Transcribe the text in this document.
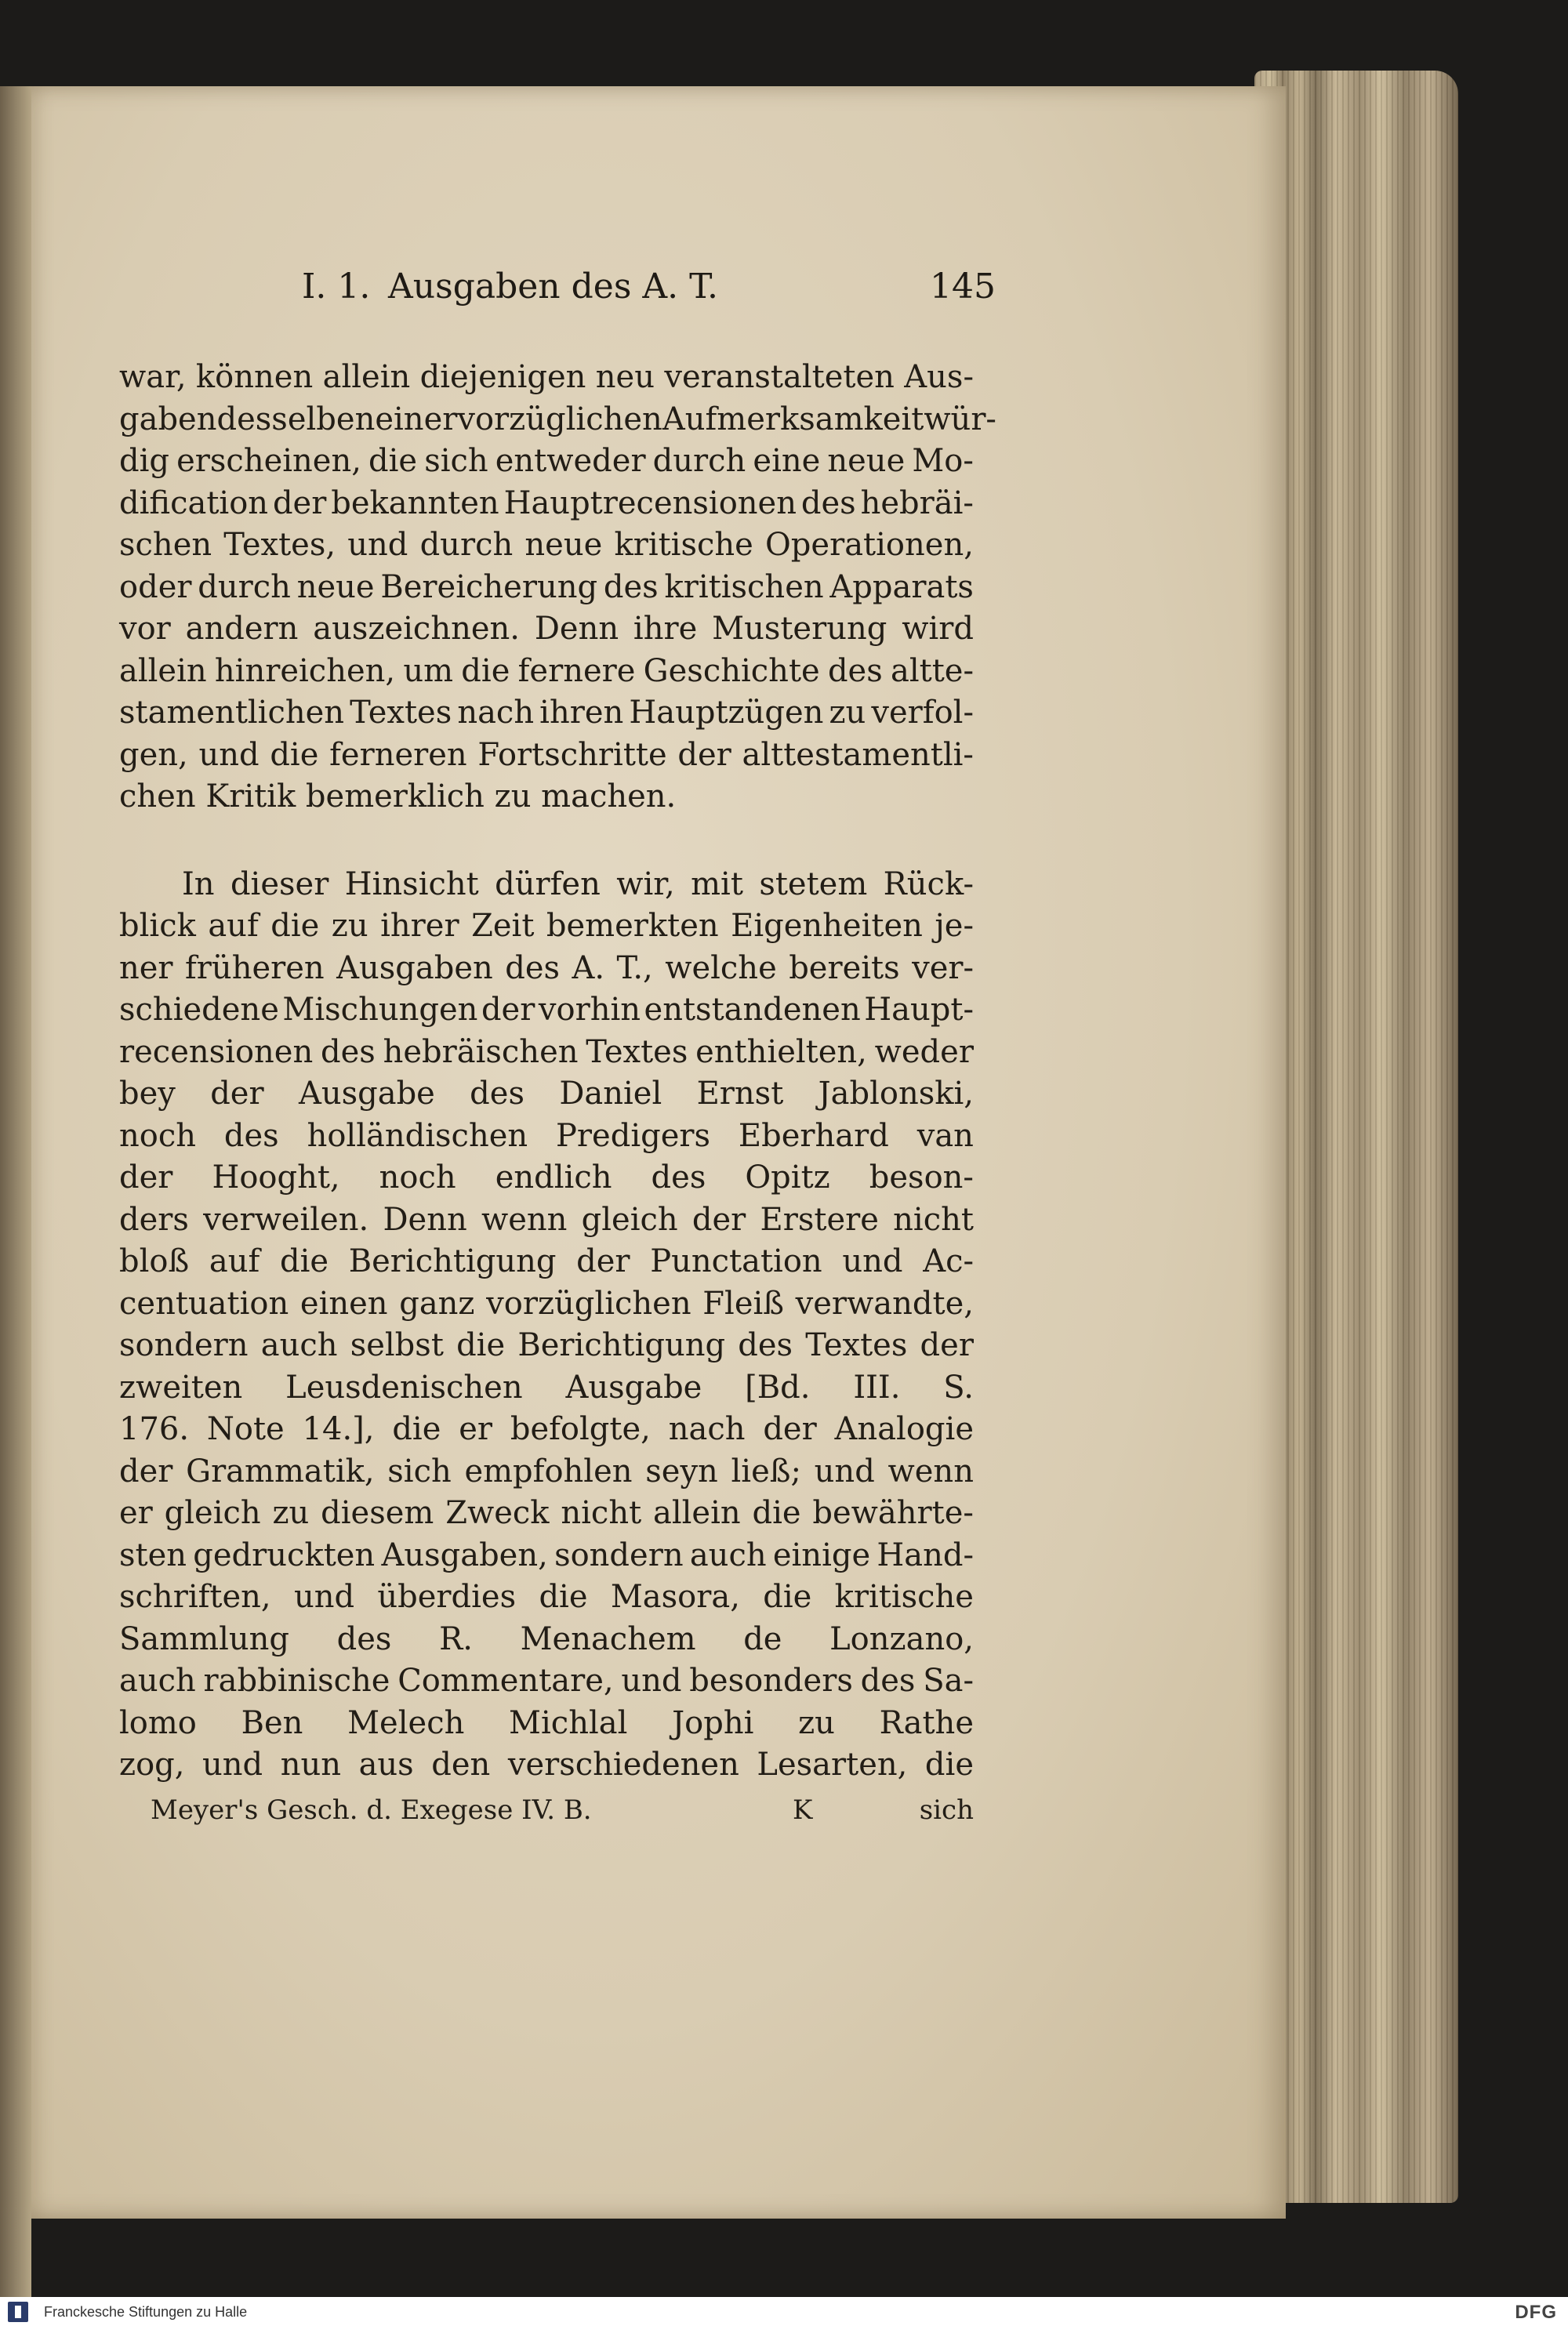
I. 1. Ausgaben des A. T.	145
war, können allein diejenigen neu veranstalteten Aus-
gaben desselben einer vorzüglichen Aufmerksamkeit wür-
dig erscheinen, die sich entweder durch eine neue Mo-
dification der bekannten Hauptrecensionen des hebräi-
schen Textes, und durch neue kritische Operationen,
oder durch neue Bereicherung des kritischen Apparats
vor andern auszeichnen. Denn ihre Musterung wird
allein hinreichen, um die fernere Geschichte des altte-
stamentlichen Textes nach ihren Hauptzügen zu verfol-
gen, und die ferneren Fortschritte der alttestamentli-
chen Kritik bemerklich zu machen.
In dieser Hinsicht dürfen wir, mit stetem Rück-
blick auf die zu ihrer Zeit bemerkten Eigenheiten je-
ner früheren Ausgaben des A. T., welche bereits ver-
schiedene Mischungen der vorhin entstandenen Haupt-
recensionen des hebräischen Textes enthielten, weder
bey der Ausgabe des Daniel Ernst Jablonski,
noch des holländischen Predigers Eberhard van
der Hooght, noch endlich des Opitz beson-
ders verweilen. Denn wenn gleich der Erstere nicht
bloß auf die Berichtigung der Punctation und Ac-
centuation einen ganz vorzüglichen Fleiß verwandte,
sondern auch selbst die Berichtigung des Textes der
zweiten Leusdenischen Ausgabe [Bd. III. S.
176. Note 14.], die er befolgte, nach der Analogie
der Grammatik, sich empfohlen seyn ließ; und wenn
er gleich zu diesem Zweck nicht allein die bewährte-
sten gedruckten Ausgaben, sondern auch einige Hand-
schriften, und überdies die Masora, die kritische
Sammlung des R. Menachem de Lonzano,
auch rabbinische Commentare, und besonders des Sa-
lomo Ben Melech Michlal Jophi zu Rathe
zog, und nun aus den verschiedenen Lesarten, die
Meyer's Gesch. d. Exegese IV. B.	K	sich
Franckesche Stiftungen zu Halle	DFG
